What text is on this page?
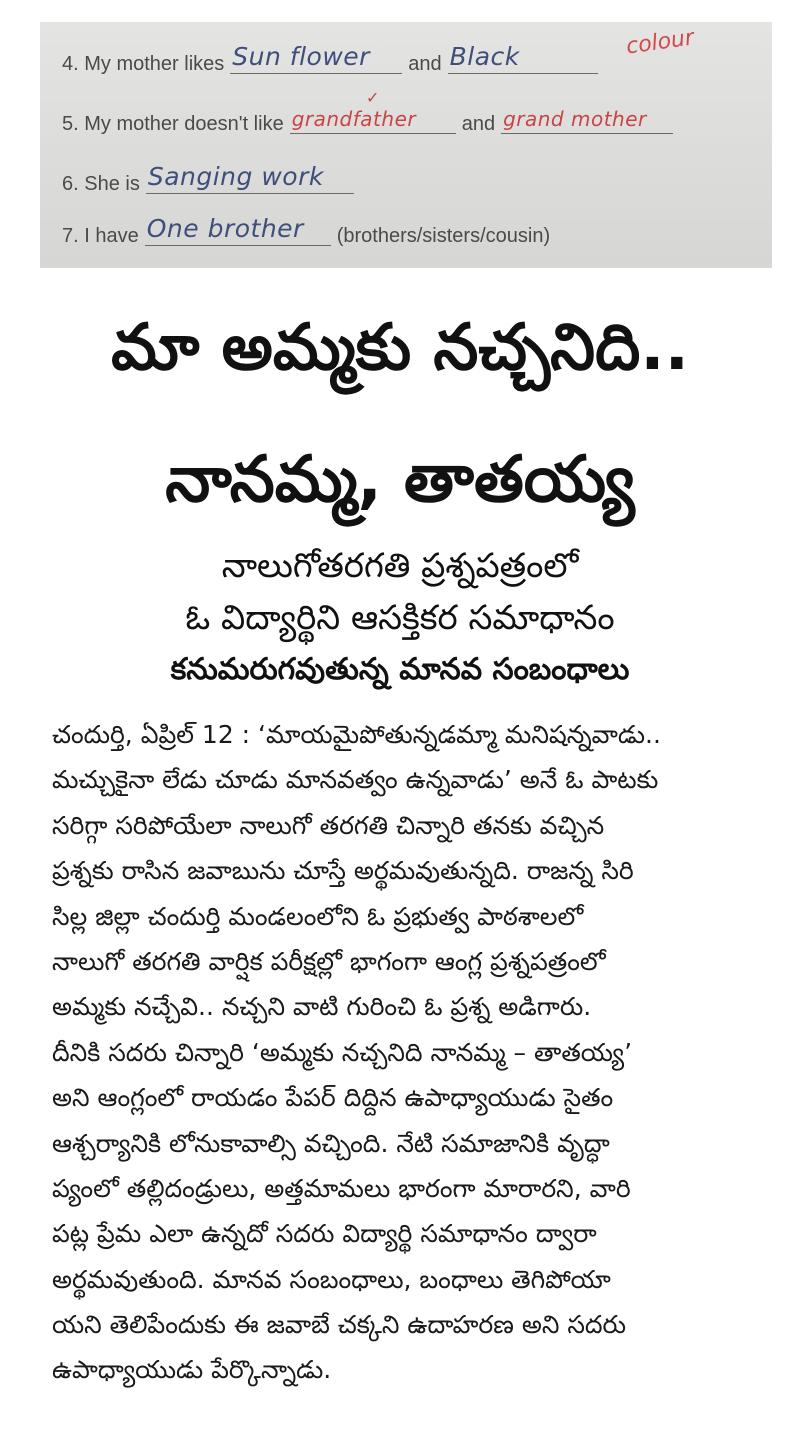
4. My mother likes Sun flower and Black	colour
5. My mother doesn't like grandfather and grand mother
✓
6. She is Sanging work
7. I have One brother (brothers/sisters/cousin)
మా అమ్మకు నచ్చనిది..
నానమ్మ, తాతయ్య
నాలుగోతరగతి ప్రశ్నపత్రంలో
ఓ విద్యార్థిని ఆసక్తికర సమాధానం
కనుమరుగవుతున్న మానవ సంబంధాలు
చందుర్తి, ఏప్రిల్ 12 : ‘మాయమైపోతున్నడమ్మా మనిషన్నవాడు..
మచ్చుకైనా లేడు చూడు మానవత్వం ఉన్నవాడు’ అనే ఓ పాటకు
సరిగ్గా సరిపోయేలా నాలుగో తరగతి చిన్నారి తనకు వచ్చిన
ప్రశ్నకు రాసిన జవాబును చూస్తే అర్థమవుతున్నది. రాజన్న సిరి
సిల్ల జిల్లా చందుర్తి మండలంలోని ఓ ప్రభుత్వ పాఠశాలలో
నాలుగో తరగతి వార్షిక పరీక్షల్లో భాగంగా ఆంగ్ల ప్రశ్నపత్రంలో
అమ్మకు నచ్చేవి.. నచ్చని వాటి గురించి ఓ ప్రశ్న అడిగారు.
దీనికి సదరు చిన్నారి ‘అమ్మకు నచ్చనిది నానమ్మ – తాతయ్య’
అని ఆంగ్లంలో రాయడం పేపర్ దిద్దిన ఉపాధ్యాయుడు సైతం
ఆశ్చర్యానికి లోనుకావాల్సి వచ్చింది. నేటి సమాజానికి వృద్ధా
ప్యంలో తల్లిదండ్రులు, అత్తమామలు భారంగా మారారని, వారి
పట్ల ప్రేమ ఎలా ఉన్నదో సదరు విద్యార్థి సమాధానం ద్వారా
అర్థమవుతుంది. మానవ సంబంధాలు, బంధాలు తెగిపోయా
యని తెలిపేందుకు ఈ జవాబే చక్కని ఉదాహరణ అని సదరు
ఉపాధ్యాయుడు పేర్కొన్నాడు.
